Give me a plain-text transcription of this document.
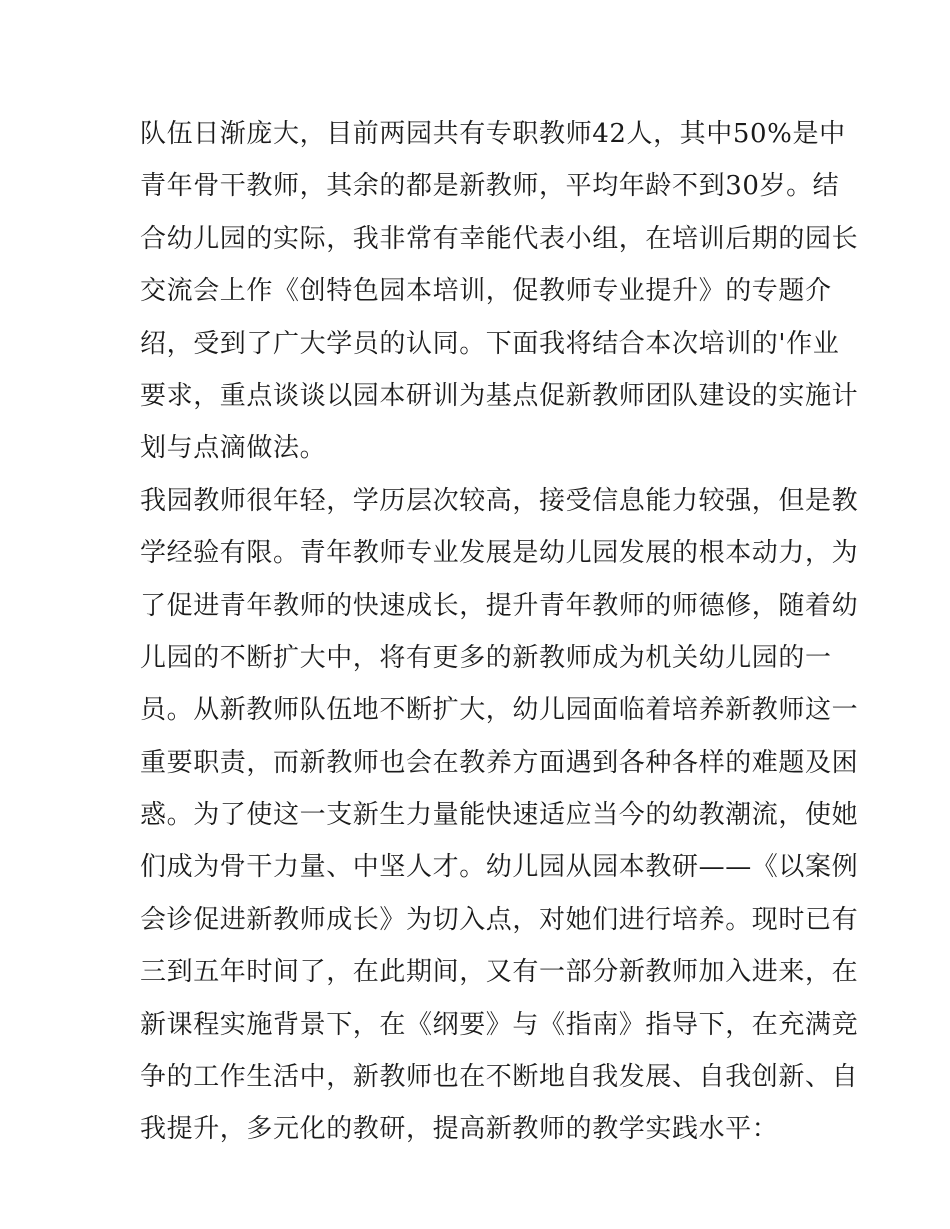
队伍日渐庞大，目前两园共有专职教师42人，其中50%是中
青年骨干教师，其余的都是新教师，平均年龄不到30岁。结
合幼儿园的实际，我非常有幸能代表小组，在培训后期的园长
交流会上作《创特色园本培训，促教师专业提升》的专题介
绍，受到了广大学员的认同。下面我将结合本次培训的'作业
要求，重点谈谈以园本研训为基点促新教师团队建设的实施计
划与点滴做法。
我园教师很年轻，学历层次较高，接受信息能力较强，但是教
学经验有限。青年教师专业发展是幼儿园发展的根本动力，为
了促进青年教师的快速成长，提升青年教师的师德修，随着幼
儿园的不断扩大中，将有更多的新教师成为机关幼儿园的一
员。从新教师队伍地不断扩大，幼儿园面临着培养新教师这一
重要职责，而新教师也会在教养方面遇到各种各样的难题及困
惑。为了使这一支新生力量能快速适应当今的幼教潮流，使她
们成为骨干力量、中坚人才。幼儿园从园本教研——《以案例
会诊促进新教师成长》为切入点，对她们进行培养。现时已有
三到五年时间了，在此期间，又有一部分新教师加入进来，在
新课程实施背景下，在《纲要》与《指南》指导下，在充满竞
争的工作生活中，新教师也在不断地自我发展、自我创新、自
我提升，多元化的教研，提高新教师的教学实践水平：
